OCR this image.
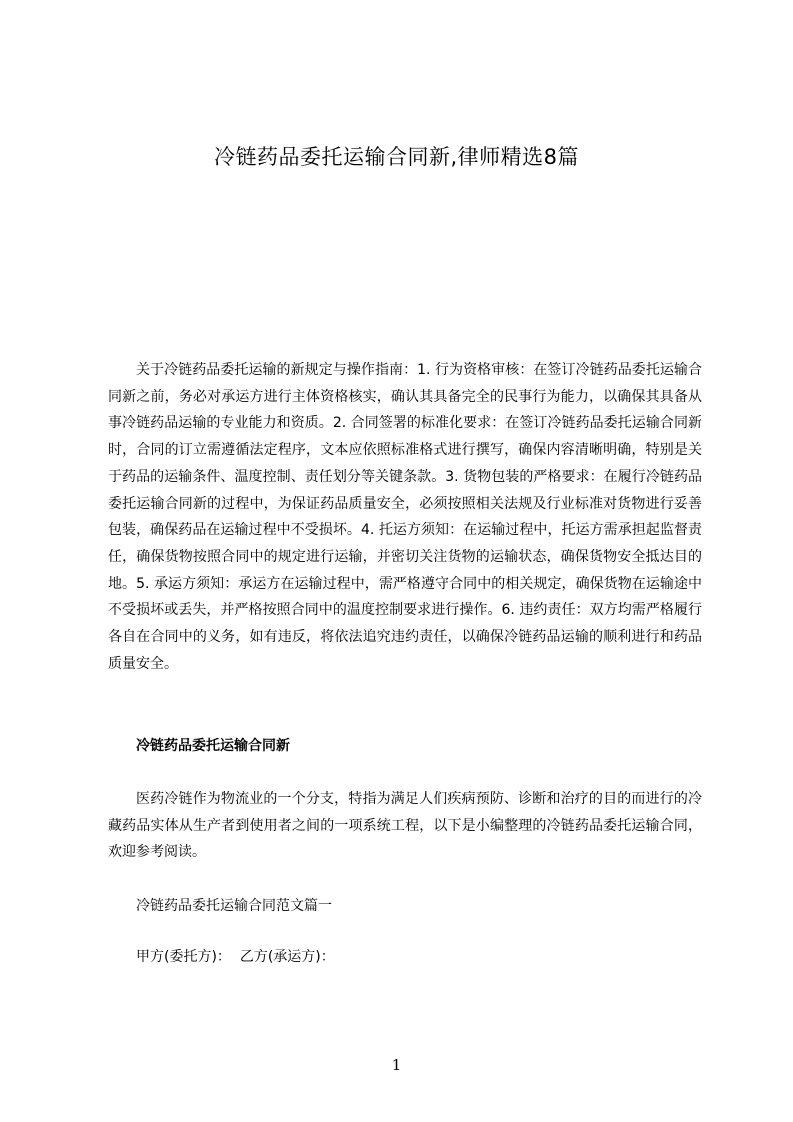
冷链药品委托运输合同新,律师精选8篇

关于冷链药品委托运输的新规定与操作指南：1. 行为资格审核：在签订冷链药品委托运输合同新之前，务必对承运方进行主体资格核实，确认其具备完全的民事行为能力，以确保其具备从事冷链药品运输的专业能力和资质。2. 合同签署的标准化要求：在签订冷链药品委托运输合同新时，合同的订立需遵循法定程序，文本应依照标准格式进行撰写，确保内容清晰明确，特别是关于药品的运输条件、温度控制、责任划分等关键条款。3. 货物包装的严格要求：在履行冷链药品委托运输合同新的过程中，为保证药品质量安全，必须按照相关法规及行业标准对货物进行妥善包装，确保药品在运输过程中不受损坏。4. 托运方须知：在运输过程中，托运方需承担起监督责任，确保货物按照合同中的规定进行运输，并密切关注货物的运输状态，确保货物安全抵达目的地。5. 承运方须知：承运方在运输过程中，需严格遵守合同中的相关规定，确保货物在运输途中不受损坏或丢失，并严格按照合同中的温度控制要求进行操作。6. 违约责任：双方均需严格履行各自在合同中的义务，如有违反，将依法追究违约责任，以确保冷链药品运输的顺利进行和药品质量安全。

冷链药品委托运输合同新

医药冷链作为物流业的一个分支，特指为满足人们疾病预防、诊断和治疗的目的而进行的冷藏药品实体从生产者到使用者之间的一项系统工程，以下是小编整理的冷链药品委托运输合同，欢迎参考阅读。

冷链药品委托运输合同范文篇一
甲方(委托方)：  乙方(承运方)：
1
